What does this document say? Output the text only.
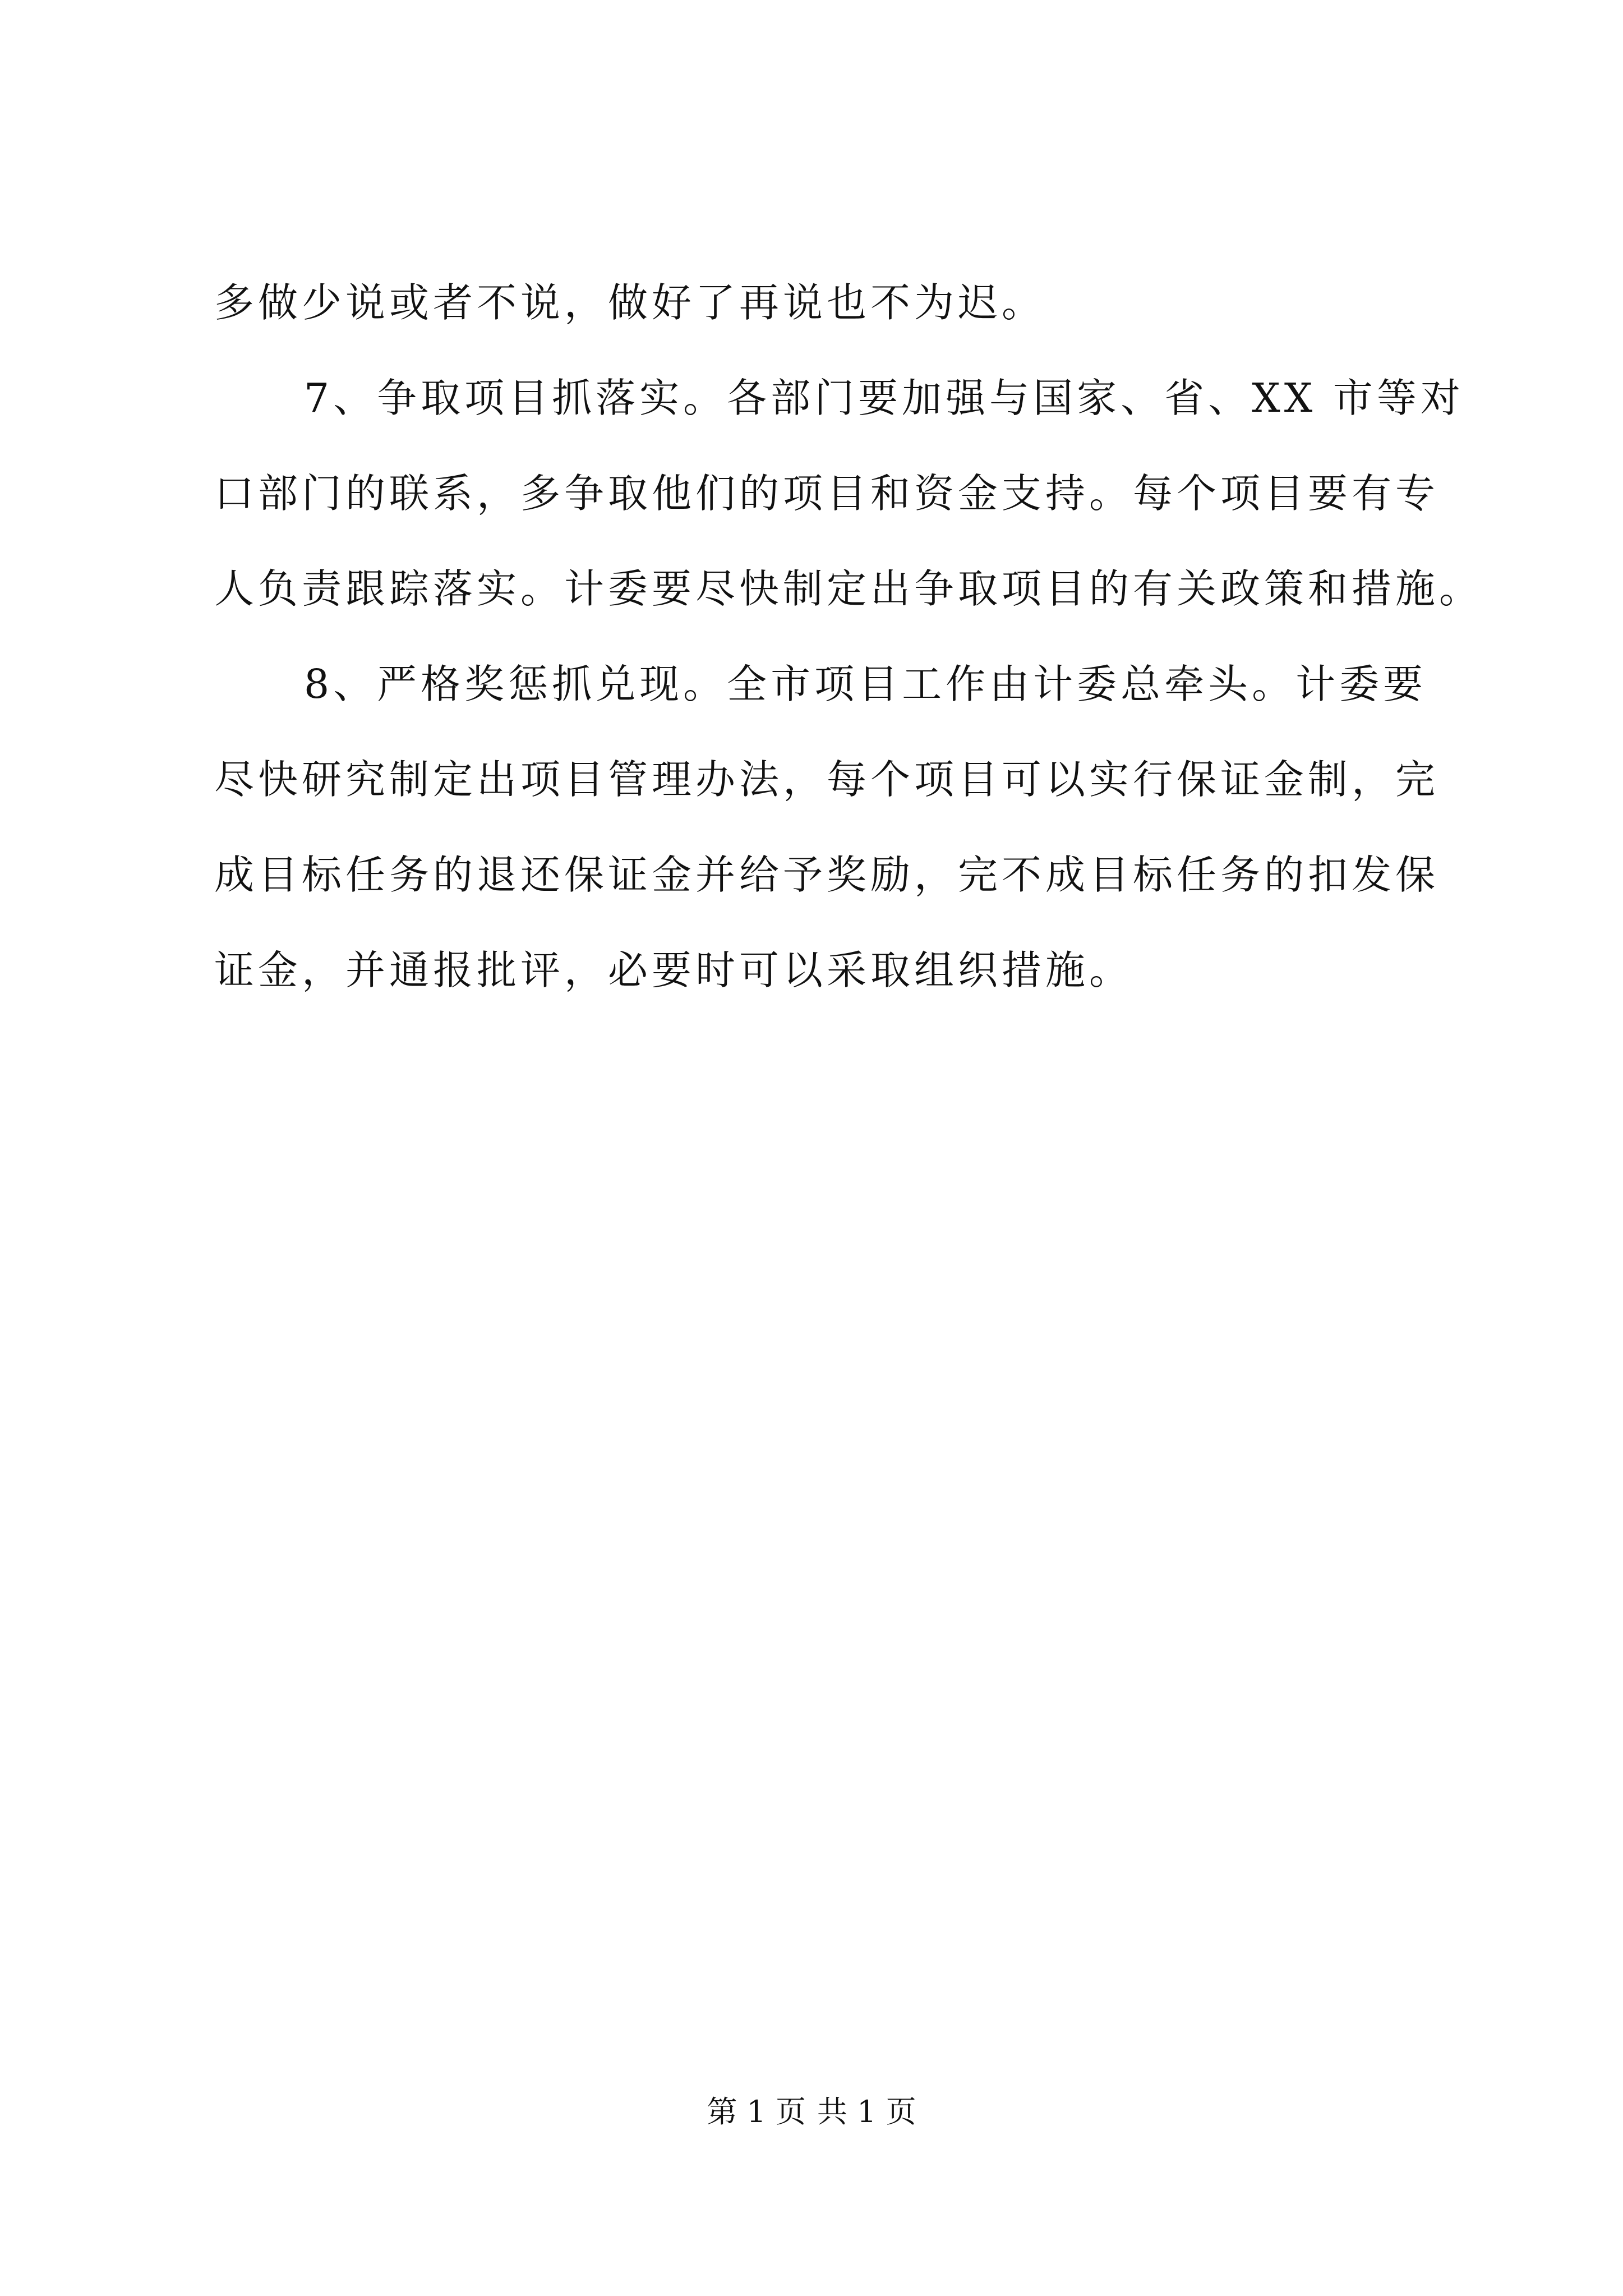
多做少说或者不说，做好了再说也不为迟。
7、争取项目抓落实。各部门要加强与国家、省、XX 市等对
口部门的联系，多争取他们的项目和资金支持。每个项目要有专
人负责跟踪落实。计委要尽快制定出争取项目的有关政策和措施。
8、严格奖惩抓兑现。全市项目工作由计委总牵头。计委要
尽快研究制定出项目管理办法，每个项目可以实行保证金制，完
成目标任务的退还保证金并给予奖励，完不成目标任务的扣发保
证金，并通报批评，必要时可以采取组织措施。
第 1 页 共 1 页
